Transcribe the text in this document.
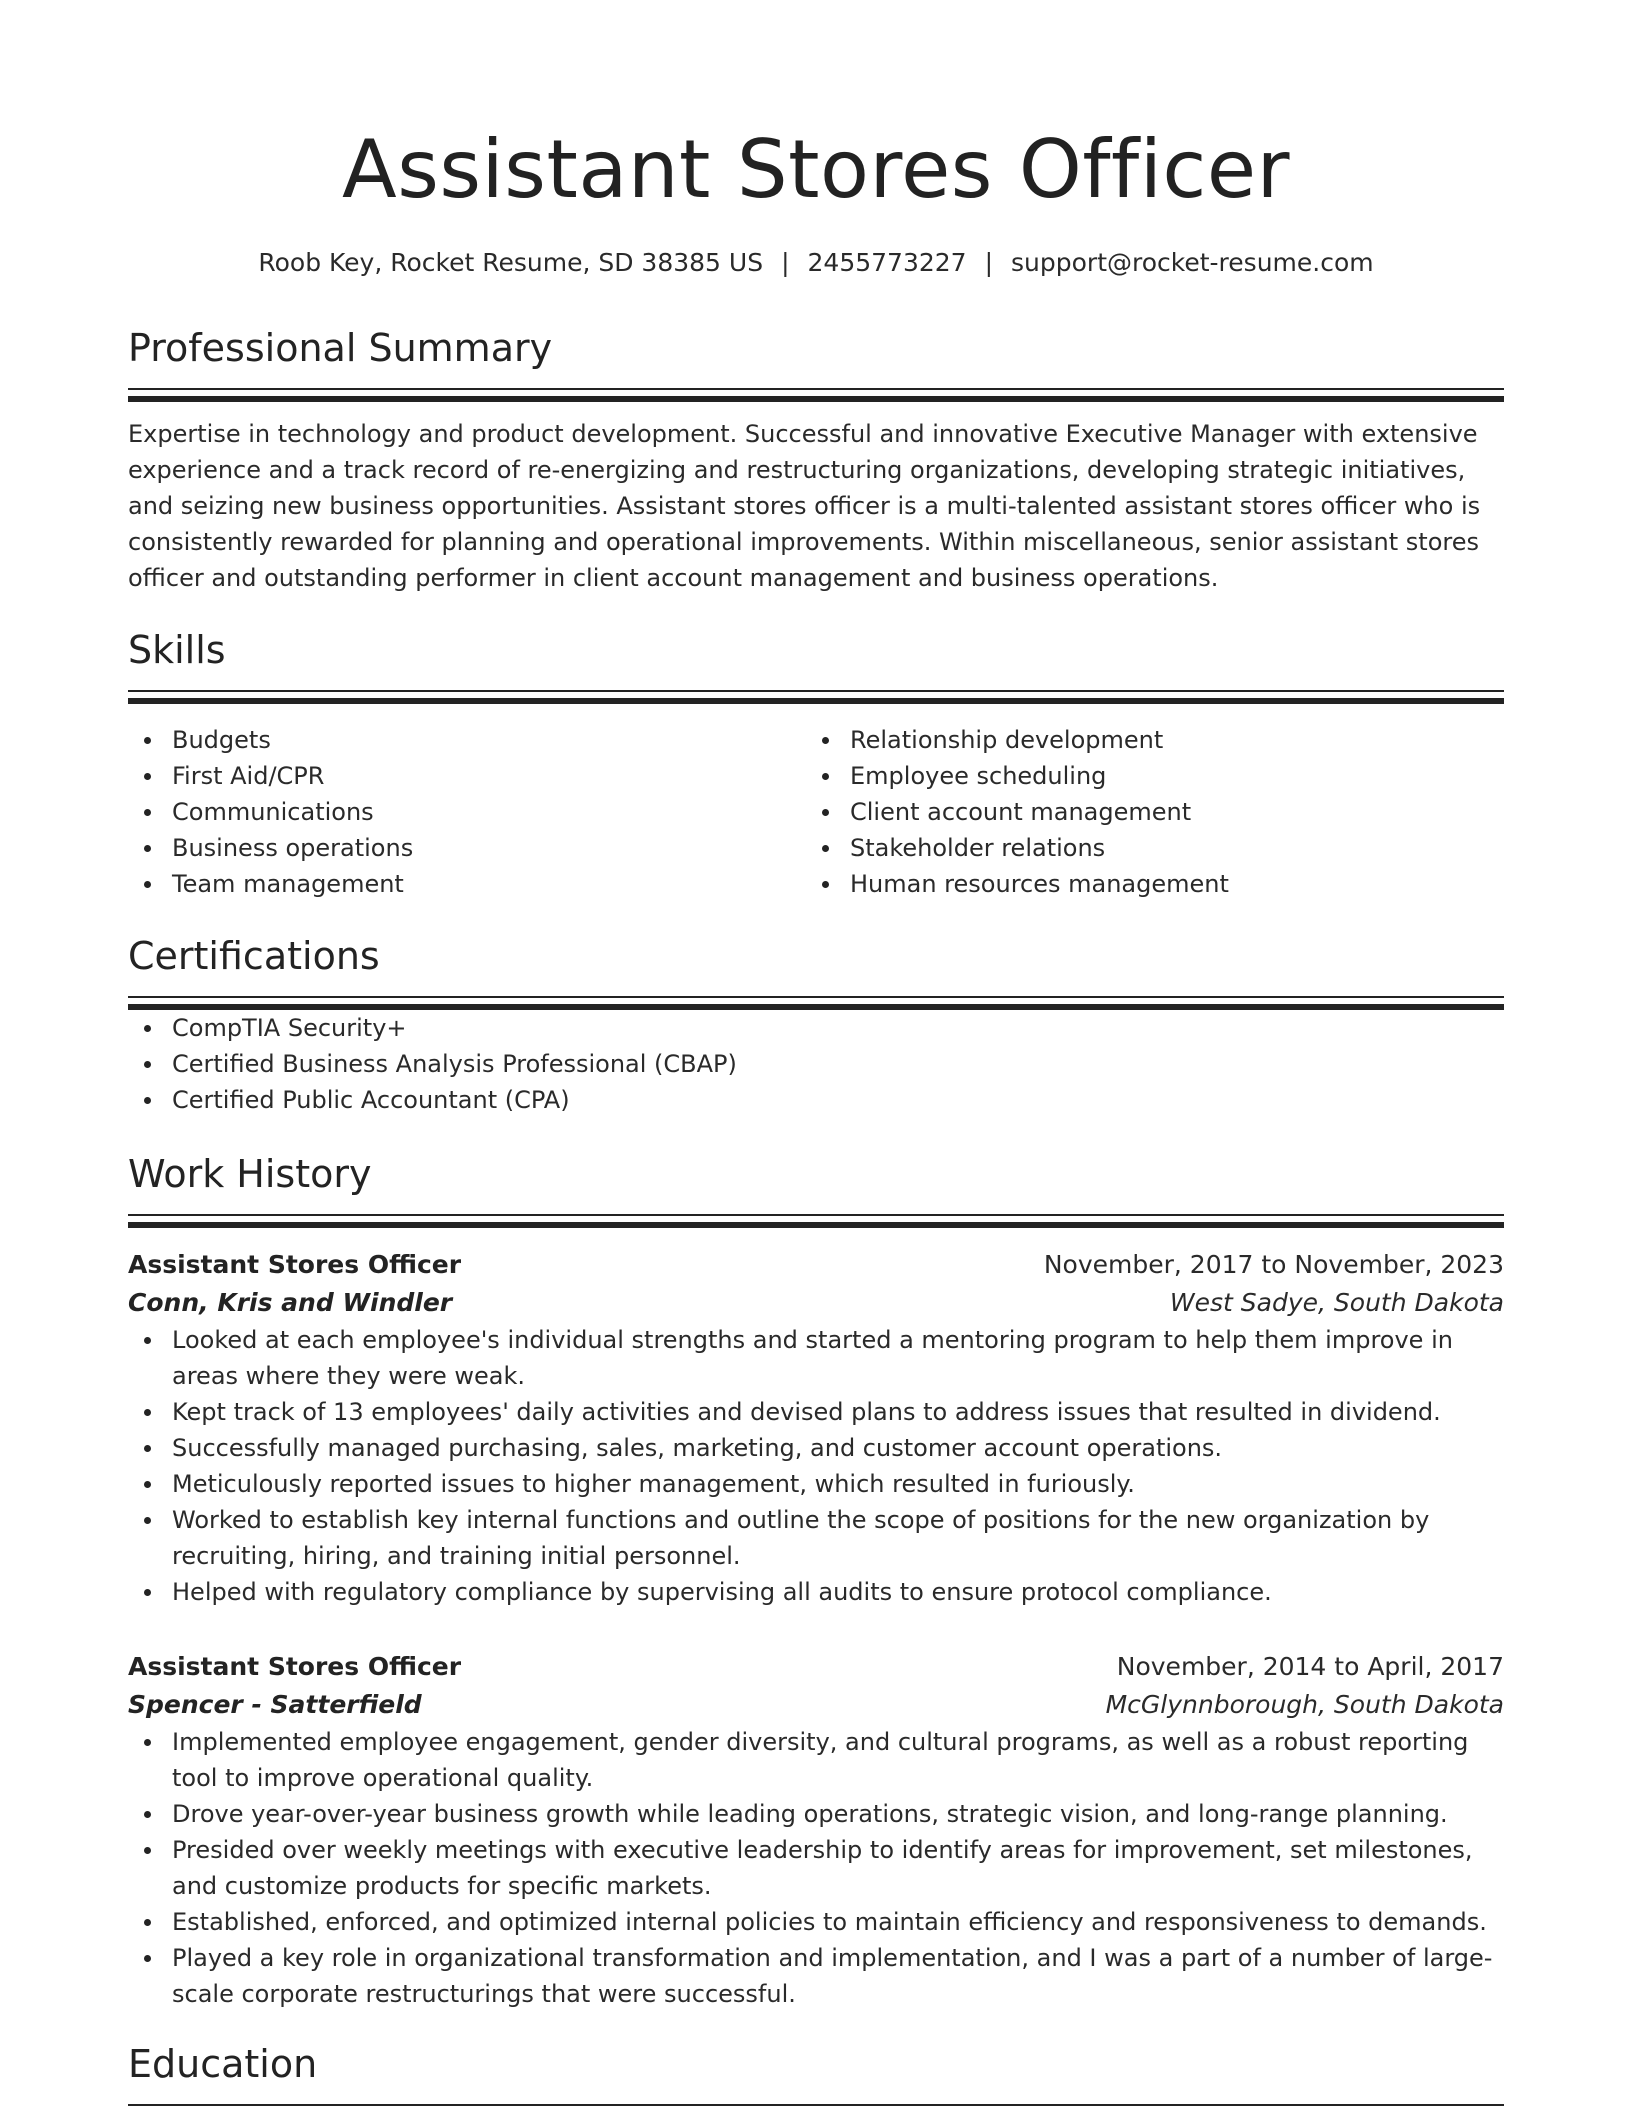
Assistant Stores Officer
Roob Key, Rocket Resume, SD 38385 US | 2455773227 | support@rocket-resume.com
Professional Summary

Expertise in technology and product development. Successful and innovative Executive Manager with extensive experience and a track record of re-energizing and restructuring organizations, developing strategic initiatives, and seizing new business opportunities. Assistant stores officer is a multi-talented assistant stores officer who is consistently rewarded for planning and operational improvements. Within miscellaneous, senior assistant stores officer and outstanding performer in client account management and business operations.

Skills
Budgets
First Aid/CPR
Communications
Business operations
Team management
Relationship development
Employee scheduling
Client account management
Stakeholder relations
Human resources management
Certifications
CompTIA Security+
Certified Business Analysis Professional (CBAP)
Certified Public Accountant (CPA)
Work History
Assistant Stores Officer	November, 2017 to November, 2023
Conn, Kris and Windler	West Sadye, South Dakota
Looked at each employee's individual strengths and started a mentoring program to help them improve in areas where they were weak.
Kept track of 13 employees' daily activities and devised plans to address issues that resulted in dividend.
Successfully managed purchasing, sales, marketing, and customer account operations.
Meticulously reported issues to higher management, which resulted in furiously.
Worked to establish key internal functions and outline the scope of positions for the new organization by recruiting, hiring, and training initial personnel.
Helped with regulatory compliance by supervising all audits to ensure protocol compliance.
Assistant Stores Officer	November, 2014 to April, 2017
Spencer - Satterfield	McGlynnborough, South Dakota
Implemented employee engagement, gender diversity, and cultural programs, as well as a robust reporting tool to improve operational quality.
Drove year-over-year business growth while leading operations, strategic vision, and long-range planning.
Presided over weekly meetings with executive leadership to identify areas for improvement, set milestones, and customize products for specific markets.
Established, enforced, and optimized internal policies to maintain efficiency and responsiveness to demands.
Played a key role in organizational transformation and implementation, and I was a part of a number of large-scale corporate restructurings that were successful.
Education
